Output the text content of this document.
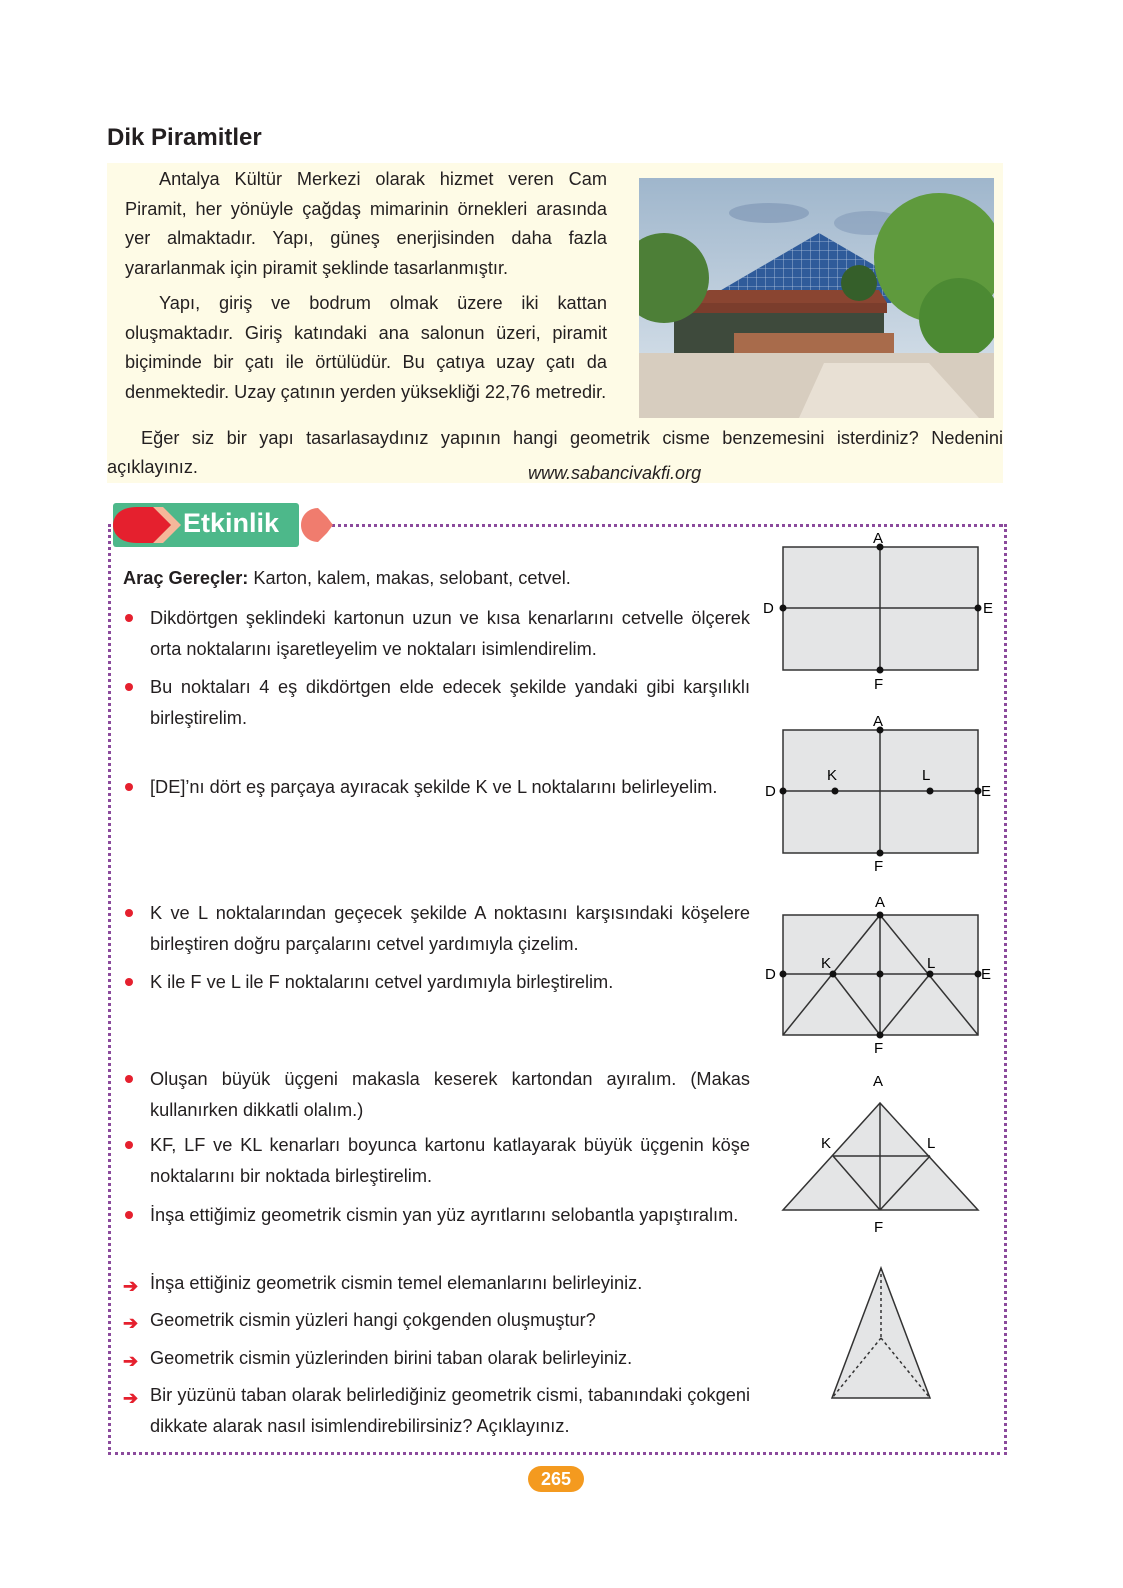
Dik Piramitler

Antalya Kültür Merkezi olarak hizmet veren Cam Piramit, her yönüyle çağdaş mimarinin örnekleri arasında yer almaktadır. Yapı, güneş enerjisinden daha fazla yararlanmak için piramit şeklinde tasarlanmıştır.

Yapı, giriş ve bodrum olmak üzere iki kattan oluşmaktadır. Giriş katındaki ana salonun üzeri, piramit biçiminde bir çatı ile örtülüdür. Bu çatıya uzay çatı da denmektedir. Uzay çatının yerden yüksekliği 22,76 metredir.

Eğer siz bir yapı tasarlasaydınız yapının hangi geometrik cisme benzemesini isterdiniz? Nedenini açıklayınız.	www.sabancivakfi.org
Etkinlik
Araç Gereçler: Karton, kalem, makas, selobant, cetvel.
Dikdörtgen şeklindeki kartonun uzun ve kısa kenarlarını cetvelle ölçerek orta noktalarını işaretleyelim ve noktaları isimlendirelim.
Bu noktaları 4 eş dikdörtgen elde edecek şekilde yandaki gibi karşılıklı birleştirelim.
[DE]’nı dört eş parçaya ayıracak şekilde K ve L noktalarını belirleyelim.
K ve L noktalarından geçecek şekilde A noktasını karşısındaki köşelere birleştiren doğru parçalarını cetvel yardımıyla çizelim.
K ile F ve L ile F noktalarını cetvel yardımıyla birleştirelim.
Oluşan büyük üçgeni makasla keserek kartondan ayıralım. (Makas kullanırken dikkatli olalım.)
KF, LF ve KL kenarları boyunca kartonu katlayarak büyük üçgenin köşe noktalarını bir noktada birleştirelim.
İnşa ettiğimiz geometrik cismin yan yüz ayrıtlarını selobantla yapıştıralım.
➔ İnşa ettiğiniz geometrik cismin temel elemanlarını belirleyiniz.
➔ Geometrik cismin yüzleri hangi çokgenden oluşmuştur?
➔ Geometrik cismin yüzlerinden birini taban olarak belirleyiniz.
➔ Bir yüzünü taban olarak belirlediğiniz geometrik cismi, tabanındaki çokgeni dikkate alarak nasıl isimlendirebilirsiniz? Açıklayınız.
A
D	E
F
A
D	E
K	L
F
A
D	E
K	L
F
A
K	L
F
265
